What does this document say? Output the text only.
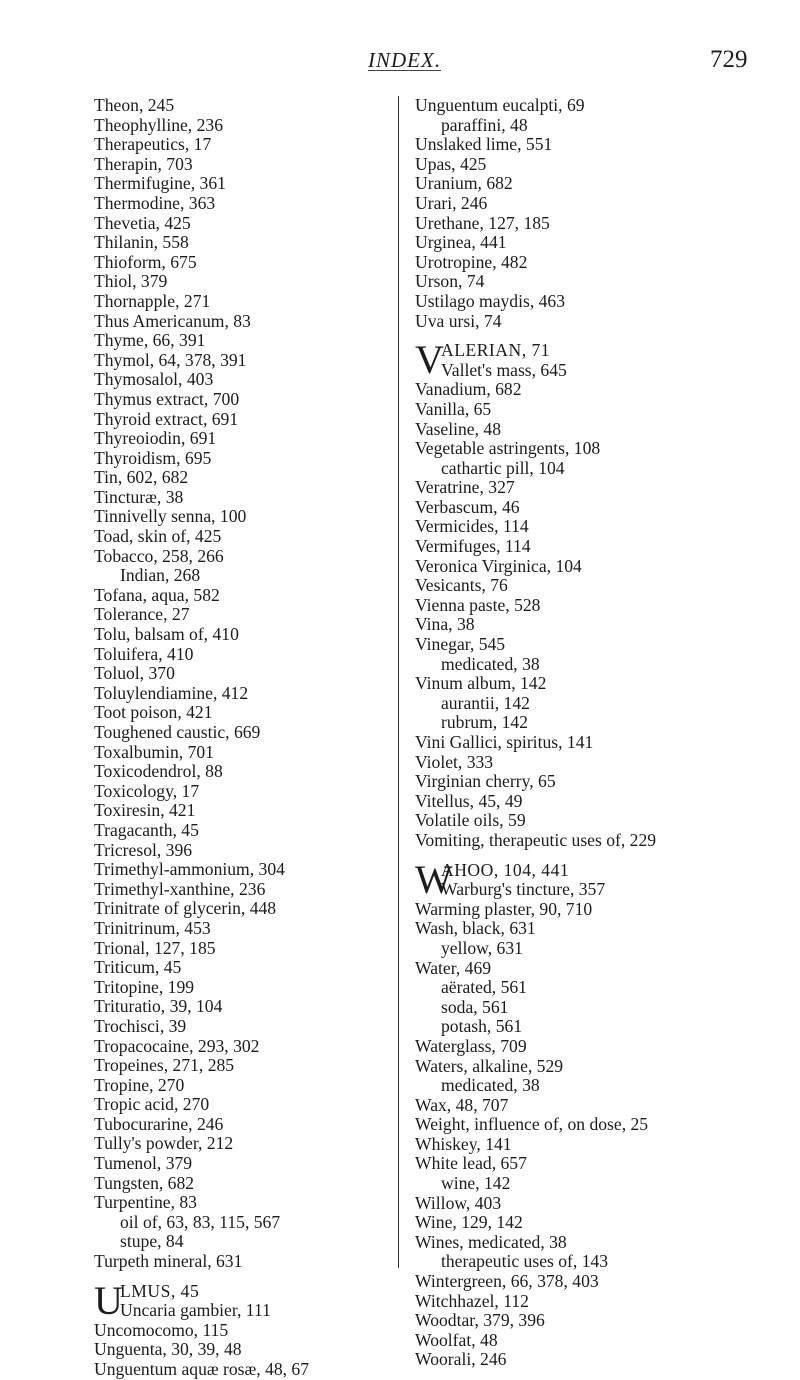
INDEX.	729
Theon, 245
Theophylline, 236
Therapeutics, 17
Therapin, 703
Thermifugine, 361
Thermodine, 363
Thevetia, 425
Thilanin, 558
Thioform, 675
Thiol, 379
Thornapple, 271
Thus Americanum, 83
Thyme, 66, 391
Thymol, 64, 378, 391
Thymosalol, 403
Thymus extract, 700
Thyroid extract, 691
Thyreoiodin, 691
Thyroidism, 695
Tin, 602, 682
Tincturæ, 38
Tinnivelly senna, 100
Toad, skin of, 425
Tobacco, 258, 266
Indian, 268
Tofana, aqua, 582
Tolerance, 27
Tolu, balsam of, 410
Toluifera, 410
Toluol, 370
Toluylendiamine, 412
Toot poison, 421
Toughened caustic, 669
Toxalbumin, 701
Toxicodendrol, 88
Toxicology, 17
Toxiresin, 421
Tragacanth, 45
Tricresol, 396
Trimethyl-ammonium, 304
Trimethyl-xanthine, 236
Trinitrate of glycerin, 448
Trinitrinum, 453
Trional, 127, 185
Triticum, 45
Tritopine, 199
Trituratio, 39, 104
Trochisci, 39
Tropacocaine, 293, 302
Tropeines, 271, 285
Tropine, 270
Tropic acid, 270
Tubocurarine, 246
Tully's powder, 212
Tumenol, 379
Tungsten, 682
Turpentine, 83
oil of, 63, 83, 115, 567
stupe, 84
Turpeth mineral, 631
U
LMUS, 45
Uncaria gambier, 111
Uncomocomo, 115
Unguenta, 30, 39, 48
Unguentum aquæ rosæ, 48, 67
Unguentum eucalpti, 69
paraffini, 48
Unslaked lime, 551
Upas, 425
Uranium, 682
Urari, 246
Urethane, 127, 185
Urginea, 441
Urotropine, 482
Urson, 74
Ustilago maydis, 463
Uva ursi, 74
V
ALERIAN, 71
Vallet's mass, 645
Vanadium, 682
Vanilla, 65
Vaseline, 48
Vegetable astringents, 108
cathartic pill, 104
Veratrine, 327
Verbascum, 46
Vermicides, 114
Vermifuges, 114
Veronica Virginica, 104
Vesicants, 76
Vienna paste, 528
Vina, 38
Vinegar, 545
medicated, 38
Vinum album, 142
aurantii, 142
rubrum, 142
Vini Gallici, spiritus, 141
Violet, 333
Virginian cherry, 65
Vitellus, 45, 49
Volatile oils, 59
Vomiting, therapeutic uses of, 229
W
AHOO, 104, 441
Warburg's tincture, 357
Warming plaster, 90, 710
Wash, black, 631
yellow, 631
Water, 469
aërated, 561
soda, 561
potash, 561
Waterglass, 709
Waters, alkaline, 529
medicated, 38
Wax, 48, 707
Weight, influence of, on dose, 25
Whiskey, 141
White lead, 657
wine, 142
Willow, 403
Wine, 129, 142
Wines, medicated, 38
therapeutic uses of, 143
Wintergreen, 66, 378, 403
Witchhazel, 112
Woodtar, 379, 396
Woolfat, 48
Woorali, 246
